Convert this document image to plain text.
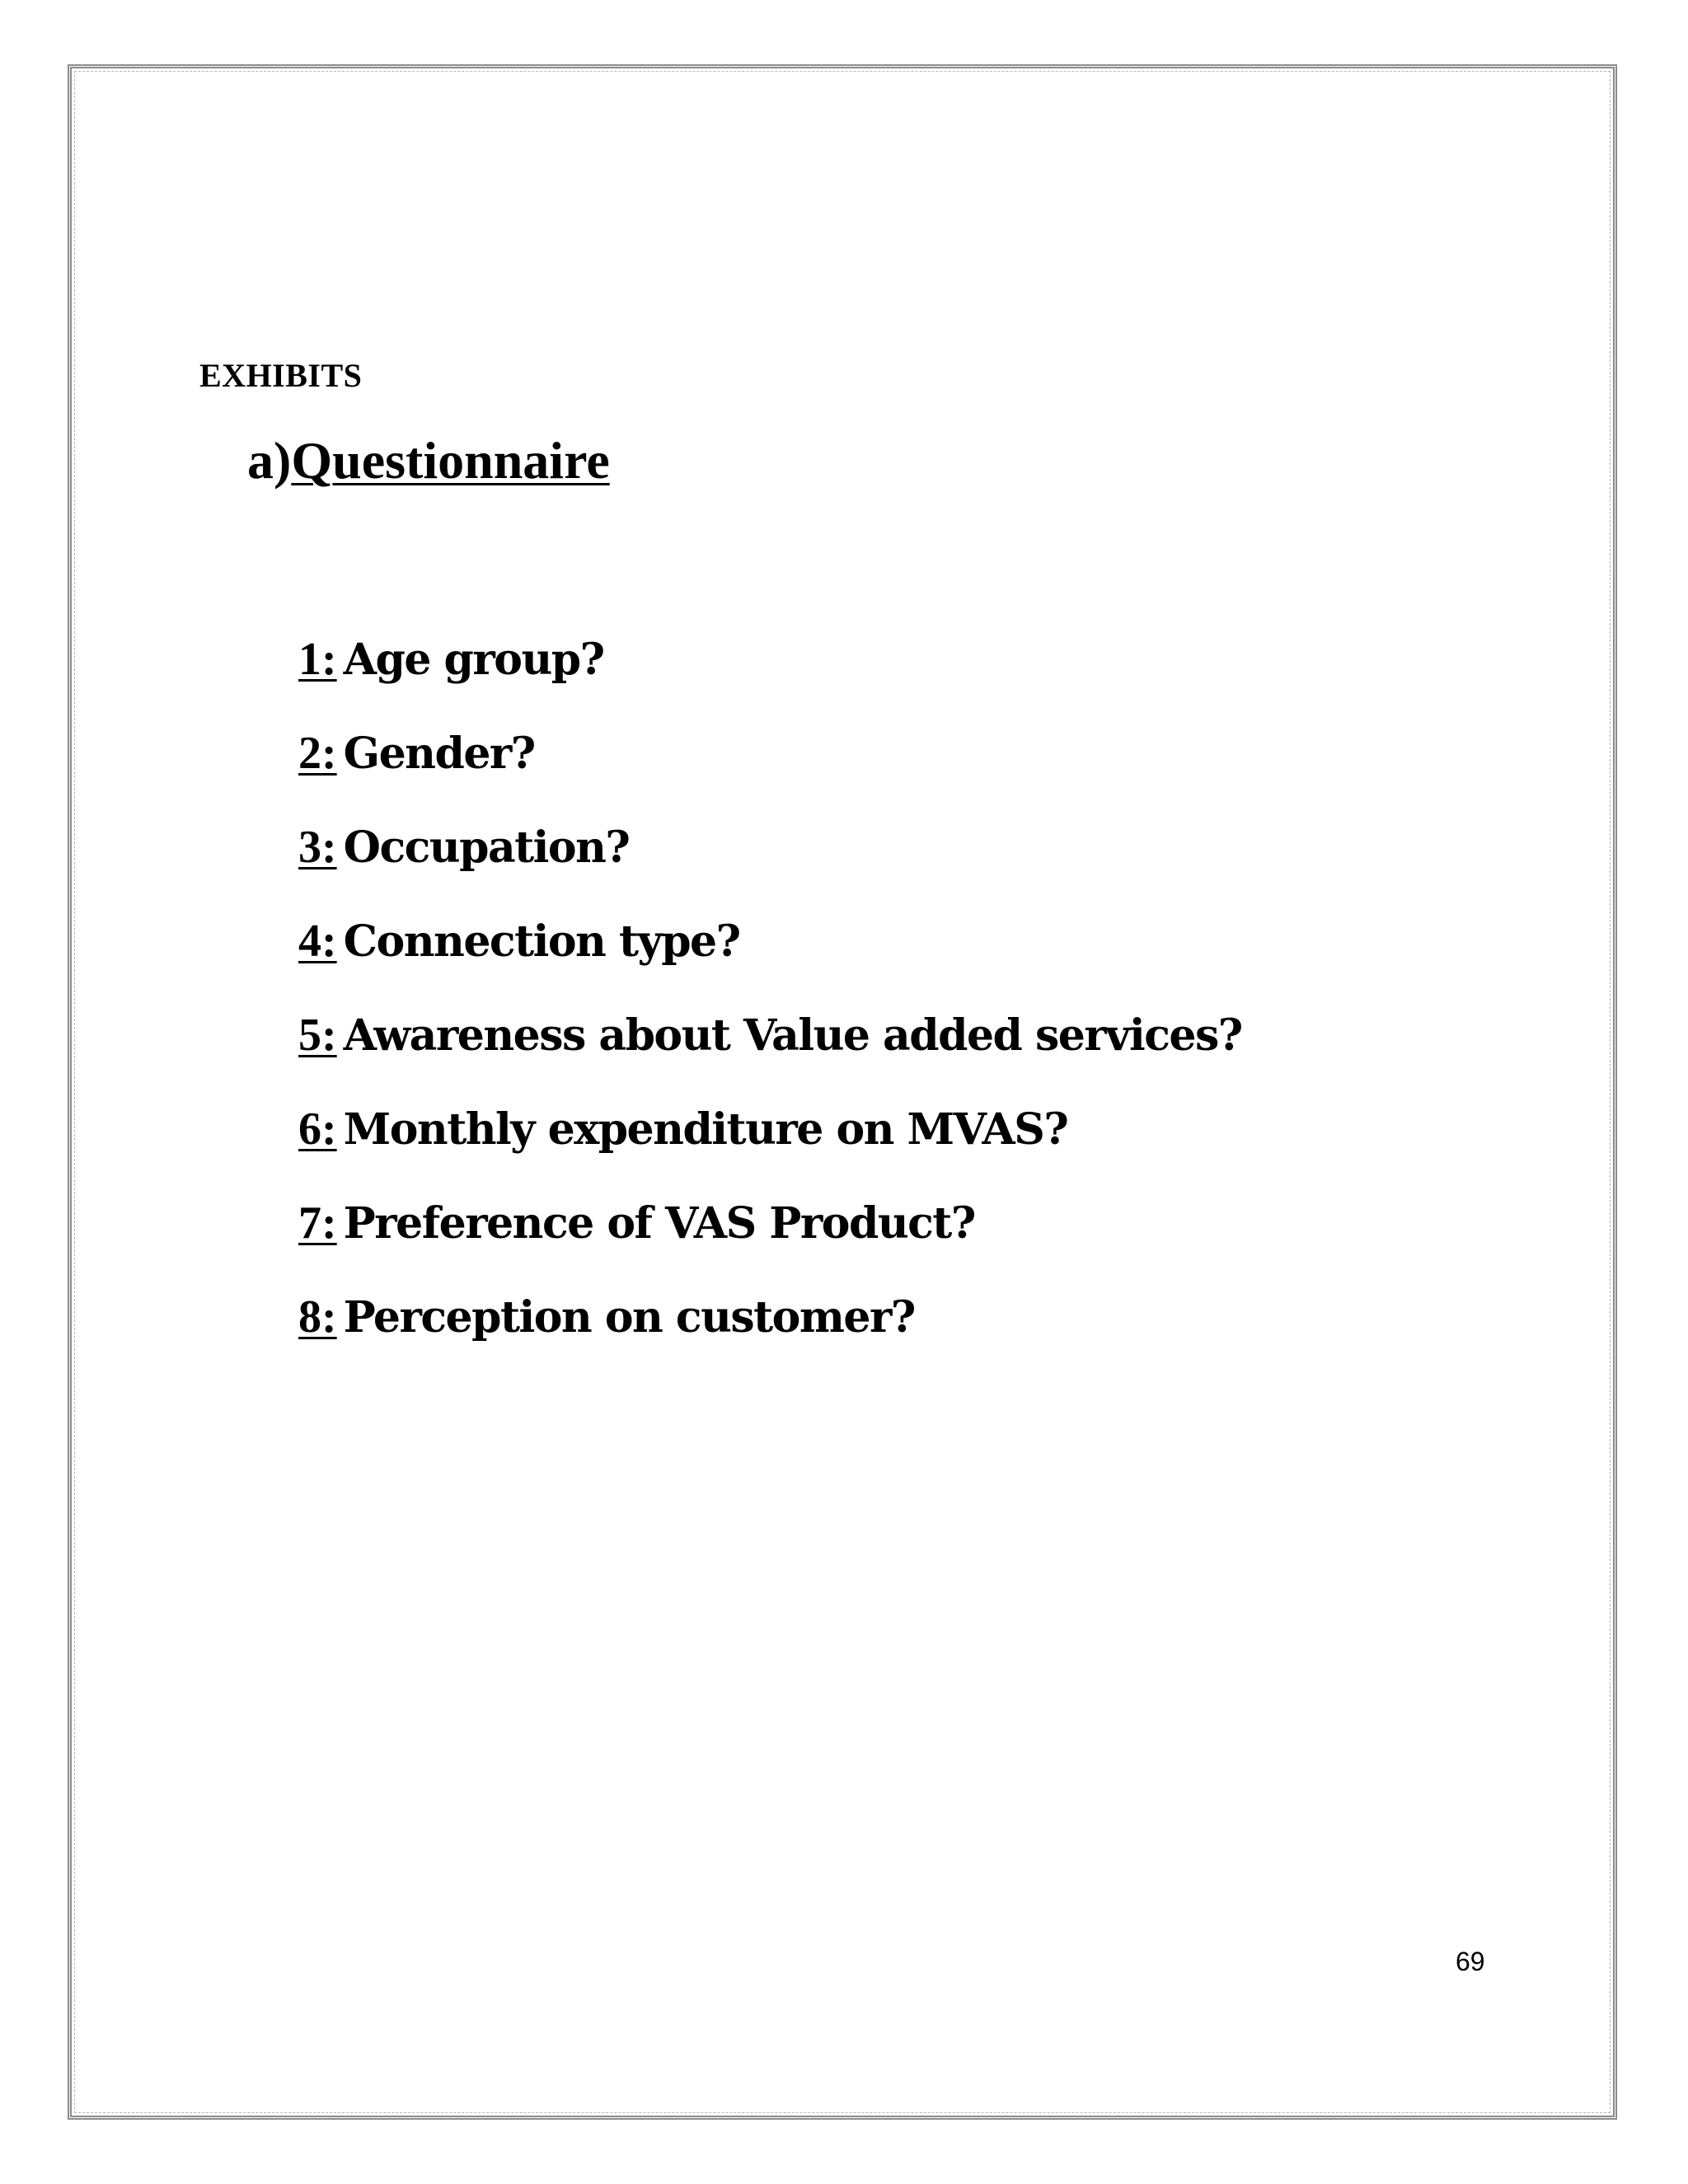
EXHIBITS
a)Questionnaire
1: Age group?
2: Gender?
3: Occupation?
4: Connection type?
5: Awareness about Value added services?
6: Monthly expenditure on MVAS?
7: Preference of VAS Product?
8: Perception on customer?
69
